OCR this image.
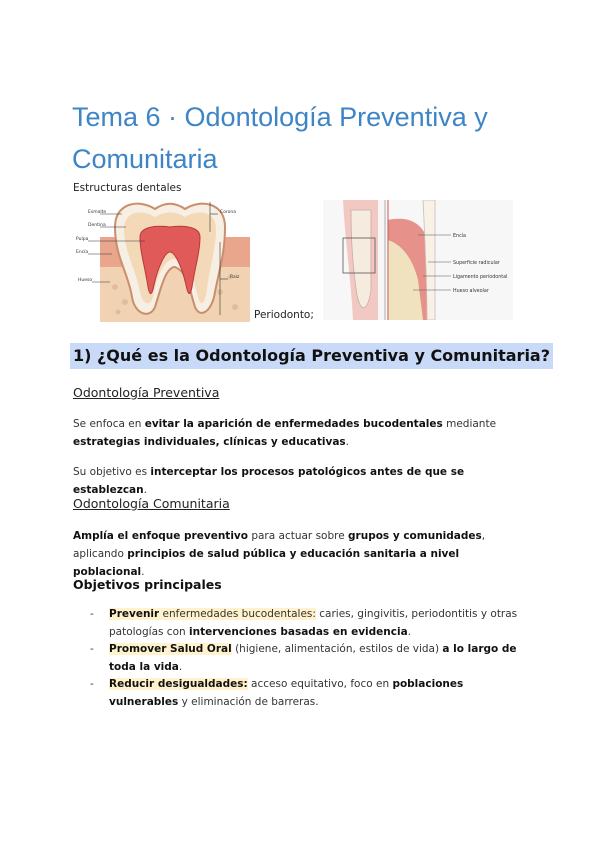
Tema 6 · Odontología Preventiva y
Comunitaria
Estructuras dentales
Esmalte
Dentina
Pulpa
Encía
Hueso
Corona
Raíz
Encía
Superficie radicular
Ligamento periodontal
Hueso alveolar
Periodonto;
1) ¿Qué es la Odontología Preventiva y Comunitaria?
Odontología Preventiva
Se enfoca en evitar la aparición de enfermedades bucodentales mediante estrategias individuales, clínicas y educativas.
Su objetivo es interceptar los procesos patológicos antes de que se establezcan.
Odontología Comunitaria
Amplía el enfoque preventivo para actuar sobre grupos y comunidades, aplicando principios de salud pública y educación sanitaria a nivel poblacional.
Objetivos principales
- Prevenir enfermedades bucodentales: caries, gingivitis, periodontitis y otras patologías con intervenciones basadas en evidencia.
- Promover Salud Oral (higiene, alimentación, estilos de vida) a lo largo de toda la vida.
- Reducir desigualdades: acceso equitativo, foco en poblaciones vulnerables y eliminación de barreras.
